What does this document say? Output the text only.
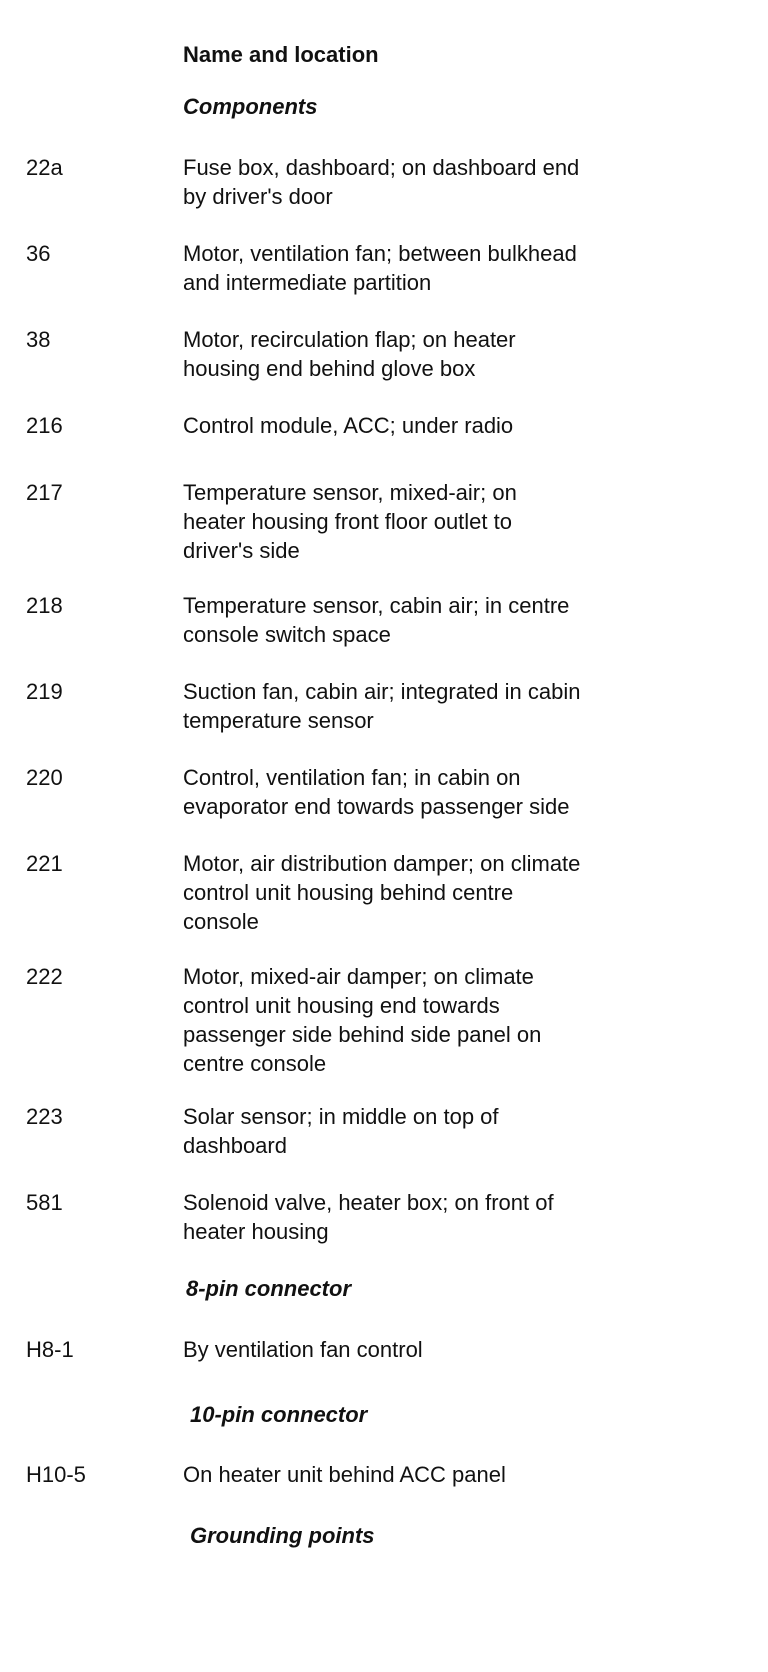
Name and location
Components
22a	Fuse box, dashboard; on dashboard end
by driver's door
36	Motor, ventilation fan; between bulkhead
and intermediate partition
38	Motor, recirculation flap; on heater
housing end behind glove box
216	Control module, ACC; under radio
217	Temperature sensor, mixed-air; on
heater housing front floor outlet to
driver's side
218	Temperature sensor, cabin air; in centre
console switch space
219	Suction fan, cabin air; integrated in cabin
temperature sensor
220	Control, ventilation fan; in cabin on
evaporator end towards passenger side
221	Motor, air distribution damper; on climate
control unit housing behind centre
console
222	Motor, mixed-air damper; on climate
control unit housing end towards
passenger side behind side panel on
centre console
223	Solar sensor; in middle on top of
dashboard
581	Solenoid valve, heater box; on front of
heater housing
8-pin connector
H8-1	By ventilation fan control
10-pin connector
H10-5	On heater unit behind ACC panel
Grounding points
